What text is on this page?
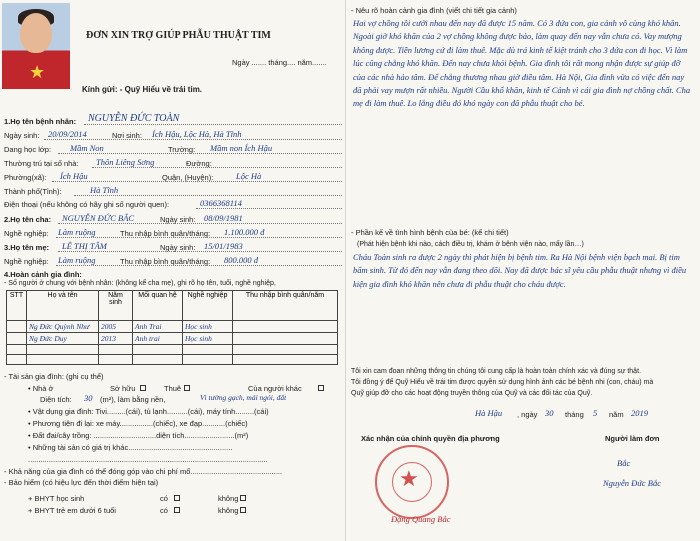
★
ĐƠN XIN TRỢ GIÚP PHẪU THUẬT TIM
Ngày ....... tháng.... năm.......
Kính gửi: - Quỹ Hiểu về trái tim.
1.Họ tên bệnh nhân: NGUYỄN ĐỨC TOÀN
Ngày sinh: 20/09/2014	Nơi sinh: Ích Hậu, Lộc Hà, Hà Tĩnh
Dang học lớp: Mầm Non	Trường: Mầm non Ích Hậu
Thường trú tại số nhà: Thôn Liêng Sơng	Đường:
Phường(xã): Ích Hậu	Quận, (Huyện):	Lộc Hà
Thành phố(Tỉnh):	Hà Tĩnh
Điện thoại (nếu không có hãy ghi số người quen):	0366368114
2.Họ tên cha: NGUYỄN ĐỨC BẮC	Ngày sinh: 08/09/1981
Nghề nghiệp: Làm ruộng	Thu nhập bình quân/tháng: 1.100.000 đ
3.Họ tên mẹ: LÊ THỊ TÂM	Ngày sinh: 15/01/1983
Nghề nghiệp: Làm ruộng	Thu nhập bình quân/tháng: 800.000 đ
4.Hoàn cảnh gia đình:
- Số người ở chung với bệnh nhân: (không kể cha mẹ), ghi rõ họ tên, tuổi, nghề nghiệp,
STT	Họ và tên	Năm sinh	Mối quan hệ	Nghề nghiệp	Thu nhập bình quân/năm
	Ng Đức Quỳnh Như	2005	Anh Trai	Học sinh	
	Ng Đức Duy	2013	Anh trai	Học sinh	

- Tài sản gia đình: (ghi cụ thể)
• Nhà ở	Sở hữu	Thuê	Của người khác
Diện tích: 30 (m²), làm bằng nền,	Vì tường gạch, mái ngói, đất
• Vật dụng gia đình: Tivi.........(cái), tủ lạnh..........(cái), máy tính.........(cái)
• Phương tiện đi lại: xe máy................(chiếc), xe đạp...........(chiếc)
• Đất đai/cây trồng: ..............................diện tích........................(m²)
• Những tài sản có giá trị khác..................................................
...................................................................................................................
- Khả năng của gia đình có thể đóng góp vào chi phí mổ............................................
- Bảo hiểm (có hiệu lực đến thời điểm hiện tại)
+ BHYT học sinh	có	không
+ BHYT trẻ em dưới 6 tuổi	có	không
- Nêu rõ hoàn cảnh gia đình (viết chi tiết gia cảnh)
Hai vợ chồng tôi cưới nhau đến nay đã được 15 năm. Có 3 đứa con, gia cảnh vô cùng khó khăn. Ngoài giờ khó khăn của 2 vợ chồng không được bảo, làm quay đến nay vẫn chưa có. Vay mượng không được. Tiền lương cứ đi làm thuê. Mặc dù trá kinh tế kiệt tránh cho 3 đứa con đi học. Vì làm lúc cũng chẳng khó khăn. Đến nay chưa khỏi bệnh. Gia đình tôi rất mong nhận được sự giúp đỡ của các nhà hảo tâm. Để chẳng thương nhau giờ điều tâm. Hà Nội, Gia đình vừa có việc đến nay đã phải vay mượn rất nhiều. Người Cầu khổ khăn, kinh tế Cảnh vì cái gia đình nợ chồng chất. Cha mẹ đi làm thuê. Lo lắng điều đó khó ngày con đã phẫu thuật cho bé.
- Phần kế về tình hình bệnh của bé: (kể chi tiết)
(Phát hiện bệnh khi nào, cách điều trị, khám ở bệnh viện nào, mấy lần…)
Cháu Toàn sinh ra được 2 ngày thì phát hiện bị bệnh tim. Ra Hà Nội bệnh viện bạch mai. Bị tim bẩm sinh. Từ đó đến nay vẫn đang theo dõi. Nay đã được bác sĩ yêu cầu phẫu thuật nhưng vì điều kiện gia đình khó khăn nên chưa đi phẫu thuật cho cháu được.
Tôi xin cam đoan những thông tin chúng tôi cung cấp là hoàn toàn chính xác và đúng sự thật.
Tôi đồng ý để Quỹ Hiểu về trái tim được quyền sử dụng hình ảnh các bé bệnh nhi (con, cháu) mà
Quỹ giúp đỡ cho các hoạt động truyền thông của Quỹ và các đối tác của Quỹ.
Hà Hậu , ngày 30 tháng 5 năm 2019
Xác nhận của chính quyền địa phương	Người làm đơn
★
Đặng Quang Bắc
Bắc
Nguyễn Đức Bắc
